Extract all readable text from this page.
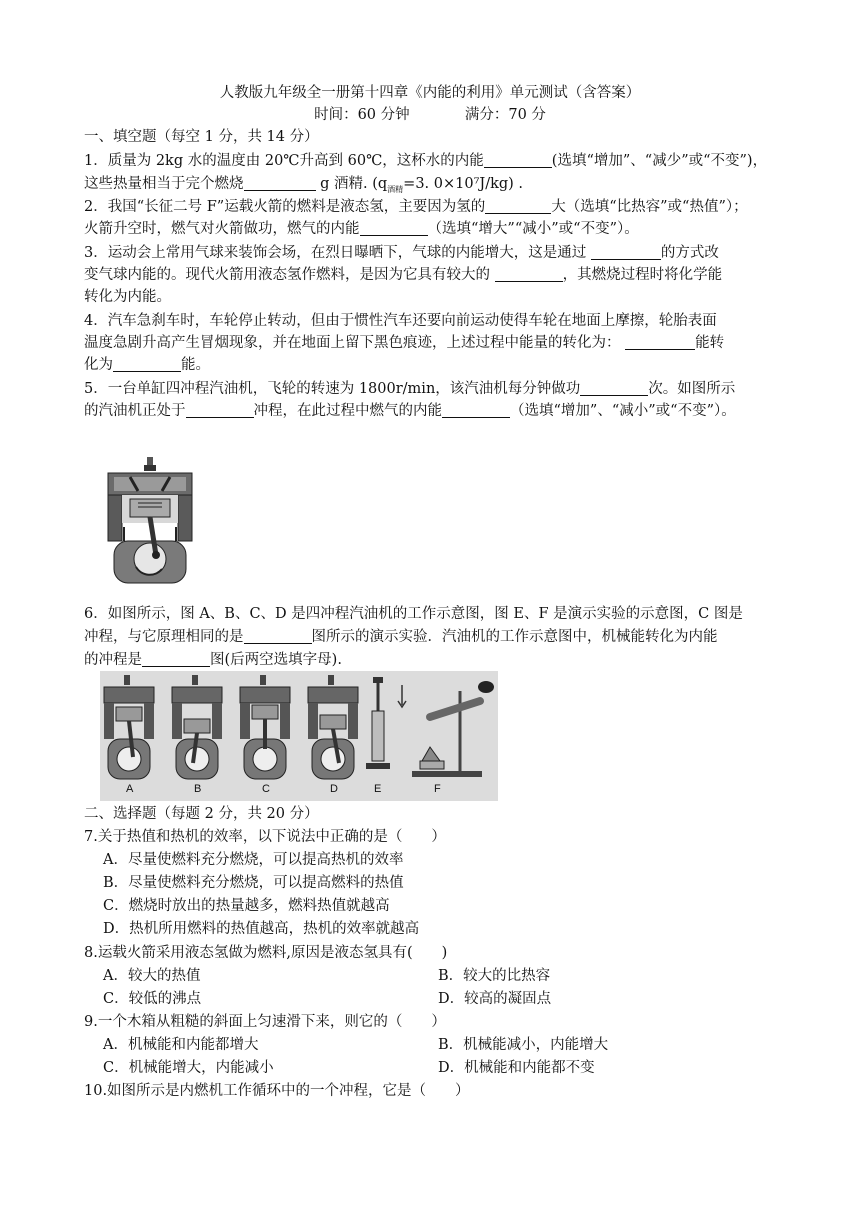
人教版九年级全一册第十四章《内能的利用》单元测试（含答案）
时间：60 分钟	满分：70 分
一、填空题（每空 1 分，共 14 分）
1．质量为 2kg 水的温度由 20℃升高到 60℃，这杯水的内能	(选填“增加”、“减少”或“不变”)，
这些热量相当于完个燃烧	g 酒精. ($q_{酒精}=3$. 0×10⁷J/kg) .
2．我国“长征二号 F”运载火箭的燃料是液态氢，主要因为氢的	大（选填“比热容”或“热值”）；
火箭升空时，燃气对火箭做功，燃气的内能	（选填“增大”“减小”或“不变”）。
3．运动会上常用气球来装饰会场，在烈日曝晒下，气球的内能增大，这是通过	的方式改
变气球内能的。现代火箭用液态氢作燃料，是因为它具有较大的	，其燃烧过程时将化学能
转化为内能。
4．汽车急刹车时，车轮停止转动，但由于惯性汽车还要向前运动使得车轮在地面上摩擦，轮胎表面
温度急剧升高产生冒烟现象，并在地面上留下黑色痕迹，上述过程中能量的转化为：	能转
化为	能。
5．一台单缸四冲程汽油机，飞轮的转速为 1800r/min，该汽油机每分钟做功	次。如图所示
的汽油机正处于	冲程，在此过程中燃气的内能	（选填“增加”、“减小”或“不变”）。
6．如图所示，图 A、B、C、D 是四冲程汽油机的工作示意图，图 E、F 是演示实验的示意图，C 图是
冲程，与它原理相同的是	图所示的演示实验．汽油机的工作示意图中，机械能转化为内能
的冲程是	图(后两空选填字母).
A	B	C	D	E	F
二、选择题（每题 2 分，共 20 分）
7.关于热值和热机的效率，以下说法中正确的是（　　）
A．尽量使燃料充分燃烧，可以提高热机的效率
B．尽量使燃料充分燃烧，可以提高燃料的热值
C．燃烧时放出的热量越多，燃料热值就越高
D．热机所用燃料的热值越高，热机的效率就越高
8.运载火箭采用液态氢做为燃料,原因是液态氢具有(　　)
A．较大的热值	B．较大的比热容
C．较低的沸点	D．较高的凝固点
9.一个木箱从粗糙的斜面上匀速滑下来，则它的（　　）
A．机械能和内能都增大	B．机械能减小，内能增大
C．机械能增大，内能减小	D．机械能和内能都不变
10.如图所示是内燃机工作循环中的一个冲程，它是（　　）
